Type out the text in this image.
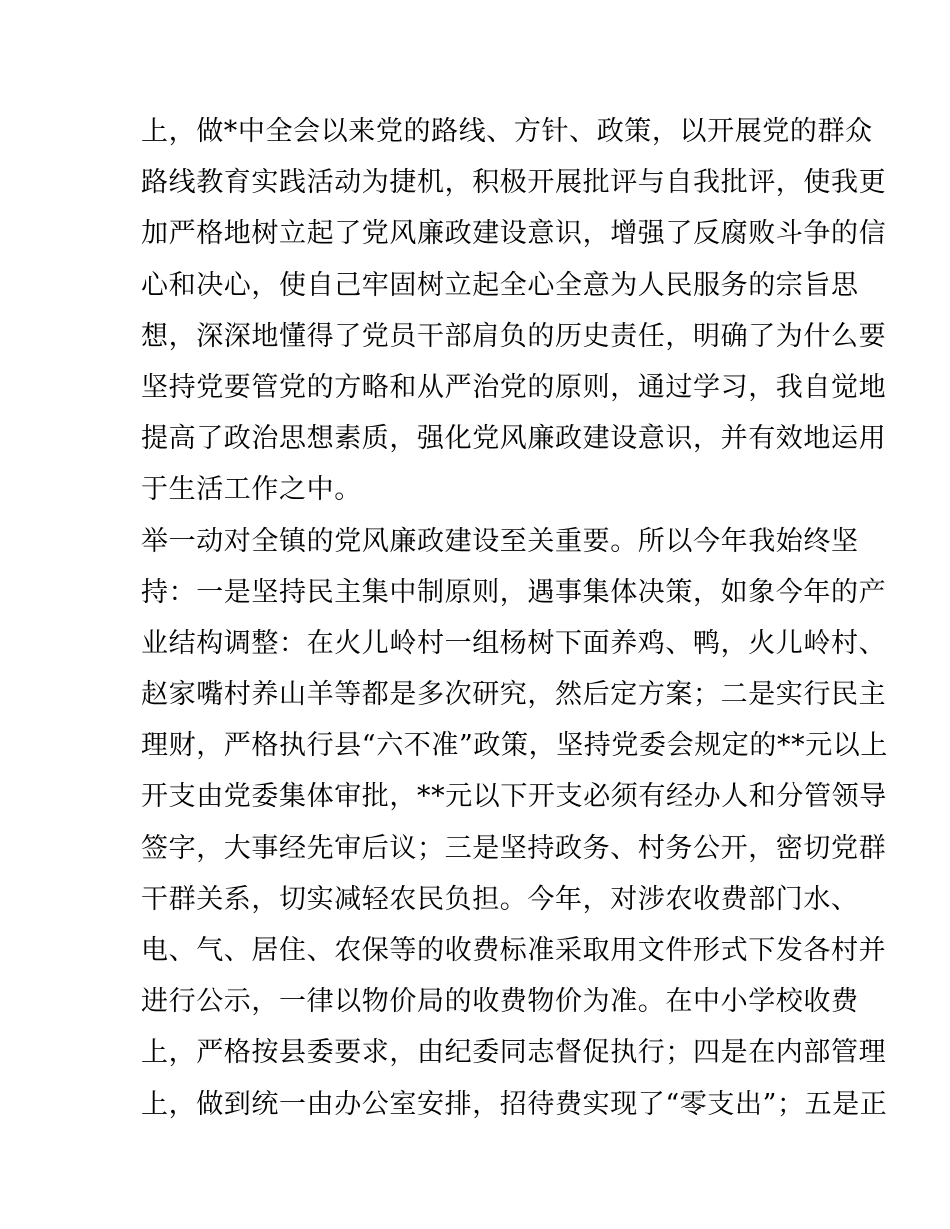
上，做*中全会以来党的路线、方针、政策，以开展党的群众
路线教育实践活动为捷机，积极开展批评与自我批评，使我更
加严格地树立起了党风廉政建设意识，增强了反腐败斗争的信
心和决心，使自己牢固树立起全心全意为人民服务的宗旨思
想，深深地懂得了党员干部肩负的历史责任，明确了为什么要
坚持党要管党的方略和从严治党的原则，通过学习，我自觉地
提高了政治思想素质，强化党风廉政建设意识，并有效地运用
于生活工作之中。
举一动对全镇的党风廉政建设至关重要。所以今年我始终坚
持：一是坚持民主集中制原则，遇事集体决策，如象今年的产
业结构调整：在火儿岭村一组杨树下面养鸡、鸭，火儿岭村、
赵家嘴村养山羊等都是多次研究，然后定方案；二是实行民主
理财，严格执行县“六不准”政策，坚持党委会规定的**元以上
开支由党委集体审批，**元以下开支必须有经办人和分管领导
签字，大事经先审后议；三是坚持政务、村务公开，密切党群
干群关系，切实减轻农民负担。今年，对涉农收费部门水、
电、气、居住、农保等的收费标准采取用文件形式下发各村并
进行公示，一律以物价局的收费物价为准。在中小学校收费
上，严格按县委要求，由纪委同志督促执行；四是在内部管理
上，做到统一由办公室安排，招待费实现了“零支出”；五是正
